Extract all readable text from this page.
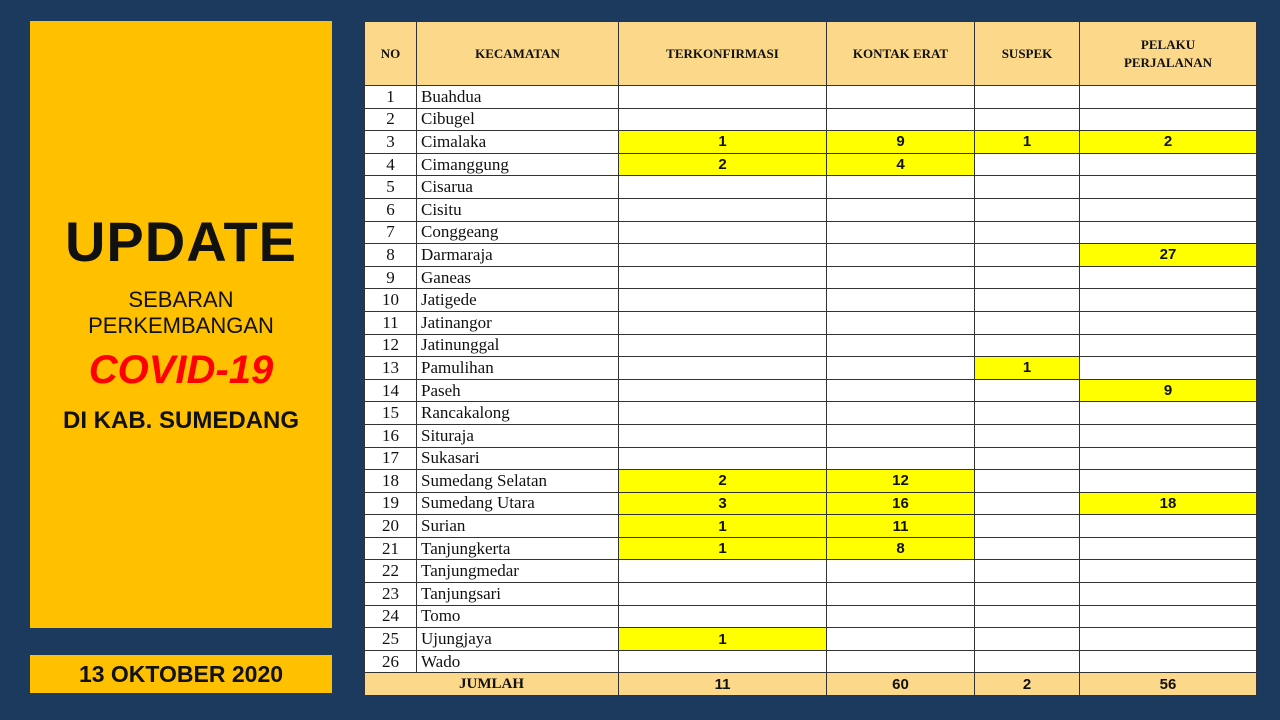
UPDATE
SEBARAN
PERKEMBANGAN
COVID-19
DI KAB. SUMEDANG
13 OKTOBER 2020
NO	KECAMATAN	TERKONFIRMASI	KONTAK ERAT	SUSPEK	PELAKU
PERJALANAN
1	Buahdua				
2	Cibugel				
3	Cimalaka	1	9	1	2
4	Cimanggung	2	4		
5	Cisarua				
6	Cisitu				
7	Conggeang				
8	Darmaraja				27
9	Ganeas				
10	Jatigede				
11	Jatinangor				
12	Jatinunggal				
13	Pamulihan			1	
14	Paseh				9
15	Rancakalong				
16	Situraja				
17	Sukasari				
18	Sumedang Selatan	2	12		
19	Sumedang Utara	3	16		18
20	Surian	1	11		
21	Tanjungkerta	1	8		
22	Tanjungmedar				
23	Tanjungsari				
24	Tomo				
25	Ujungjaya	1			
26	Wado				
JUMLAH		11	60	2	56
